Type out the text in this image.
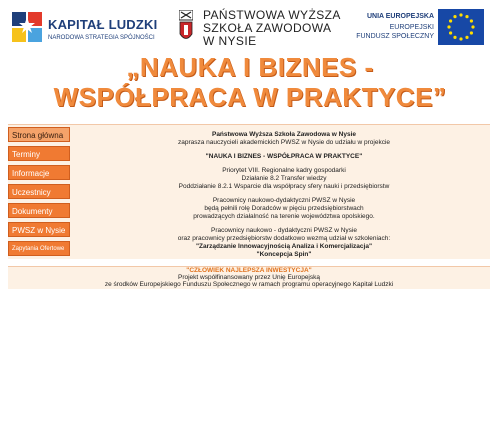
KAPITAŁ LUDZKI
NARODOWA STRATEGIA SPÓJNOŚCI
PAŃSTWOWA WYŻSZA
SZKOŁA ZAWODOWA
W NYSIE
UNIA EUROPEJSKA
EUROPEJSKI
FUNDUSZ SPOŁECZNY
„NAUKA I BIZNES -
WSPÓŁPRACA W PRAKTYCE”
Strona główna
Terminy
Informacje
Uczestnicy
Dokumenty
PWSZ w Nysie
Zapytania Ofertowe

Państwowa Wyższa Szkoła Zawodowa w Nysie

zaprasza nauczycieli akademickich PWSZ w Nysie do udziału w projekcie

"NAUKA I BIZNES - WSPÓŁPRACA W PRAKTYCE"

Priorytet VIII. Regionalne kadry gospodarki

Działanie 8.2 Transfer wiedzy

Poddziałanie 8.2.1 Wsparcie dla współpracy sfery nauki i przedsiębiorstw

Pracownicy naukowo-dydaktyczni PWSZ w Nysie

będą pełnili rolę Doradców w pięciu przedsiębiorstwach

prowadzących działalność na terenie województwa opolskiego.

Pracownicy naukowo - dydaktyczni PWSZ w Nysie

oraz pracownicy przedsiębiorstw dodatkowo wezmą udział w szkoleniach:

"Zarządzanie Innowacyjnością Analiza i Komercjalizacja"

"Koncepcja Spin"

"CZŁOWIEK NAJLEPSZA INWESTYCJA"
Projekt współfinansowany przez Unię Europejską
ze środków Europejskiego Funduszu Społecznego w ramach programu operacyjnego Kapitał Ludzki
